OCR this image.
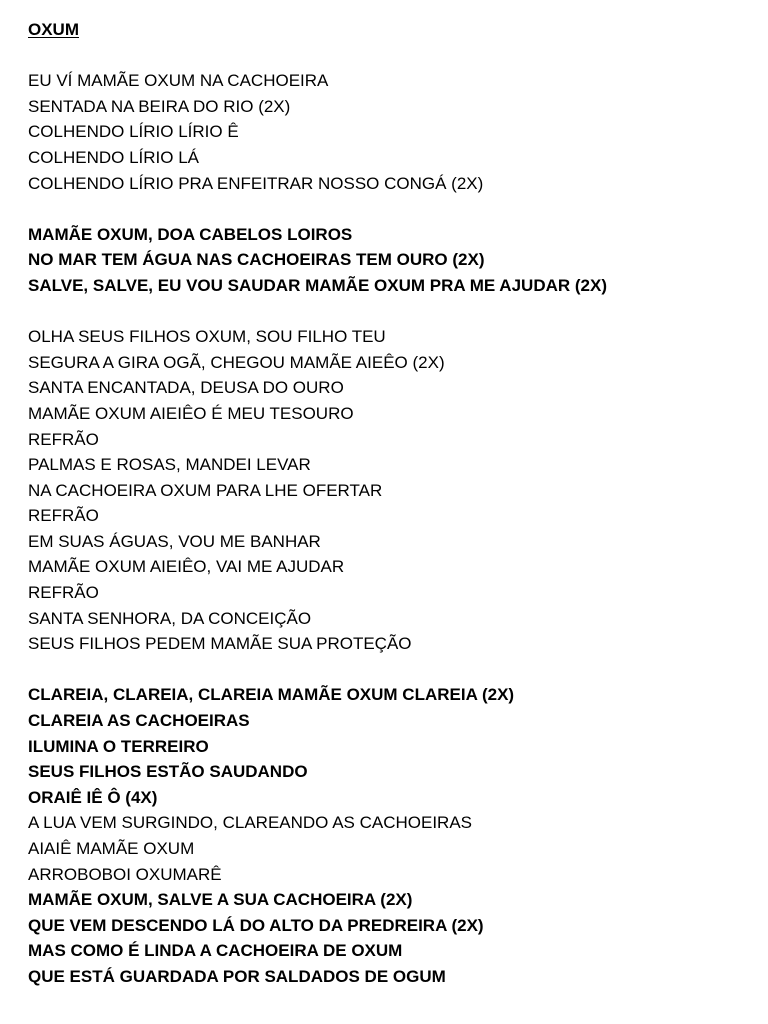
OXUM
EU VÍ MAMÃE OXUM NA CACHOEIRA
SENTADA NA BEIRA DO RIO (2X)
COLHENDO LÍRIO LÍRIO Ê
COLHENDO LÍRIO LÁ
COLHENDO LÍRIO PRA ENFEITRAR NOSSO CONGÁ (2X)
MAMÃE OXUM, DOA CABELOS LOIROS
NO MAR TEM ÁGUA NAS CACHOEIRAS TEM OURO (2X)
SALVE, SALVE, EU VOU SAUDAR MAMÃE OXUM PRA ME AJUDAR (2X)
OLHA SEUS FILHOS OXUM, SOU FILHO TEU
SEGURA A GIRA OGÃ, CHEGOU MAMÃE AIEÊO (2X)
SANTA ENCANTADA, DEUSA DO OURO
MAMÃE OXUM AIEIÊO É MEU TESOURO
REFRÃO
PALMAS E ROSAS, MANDEI LEVAR
NA CACHOEIRA OXUM PARA LHE OFERTAR
REFRÃO
EM SUAS ÁGUAS, VOU ME BANHAR
MAMÃE OXUM AIEIÊO, VAI ME AJUDAR
REFRÃO
SANTA SENHORA, DA CONCEIÇÃO
SEUS FILHOS PEDEM MAMÃE SUA PROTEÇÃO
CLAREIA, CLAREIA, CLAREIA MAMÃE OXUM CLAREIA (2X)
CLAREIA AS CACHOEIRAS
ILUMINA O TERREIRO
SEUS FILHOS ESTÃO SAUDANDO
ORAIÊ IÊ Ô (4X)
A LUA VEM SURGINDO, CLAREANDO AS CACHOEIRAS
AIAIÊ MAMÃE OXUM
ARROBOBOI OXUMARÊ
MAMÃE OXUM, SALVE A SUA CACHOEIRA (2X)
QUE VEM DESCENDO LÁ DO ALTO DA PREDREIRA (2X)
MAS COMO É LINDA A CACHOEIRA DE OXUM
QUE ESTÁ GUARDADA POR SALDADOS DE OGUM
